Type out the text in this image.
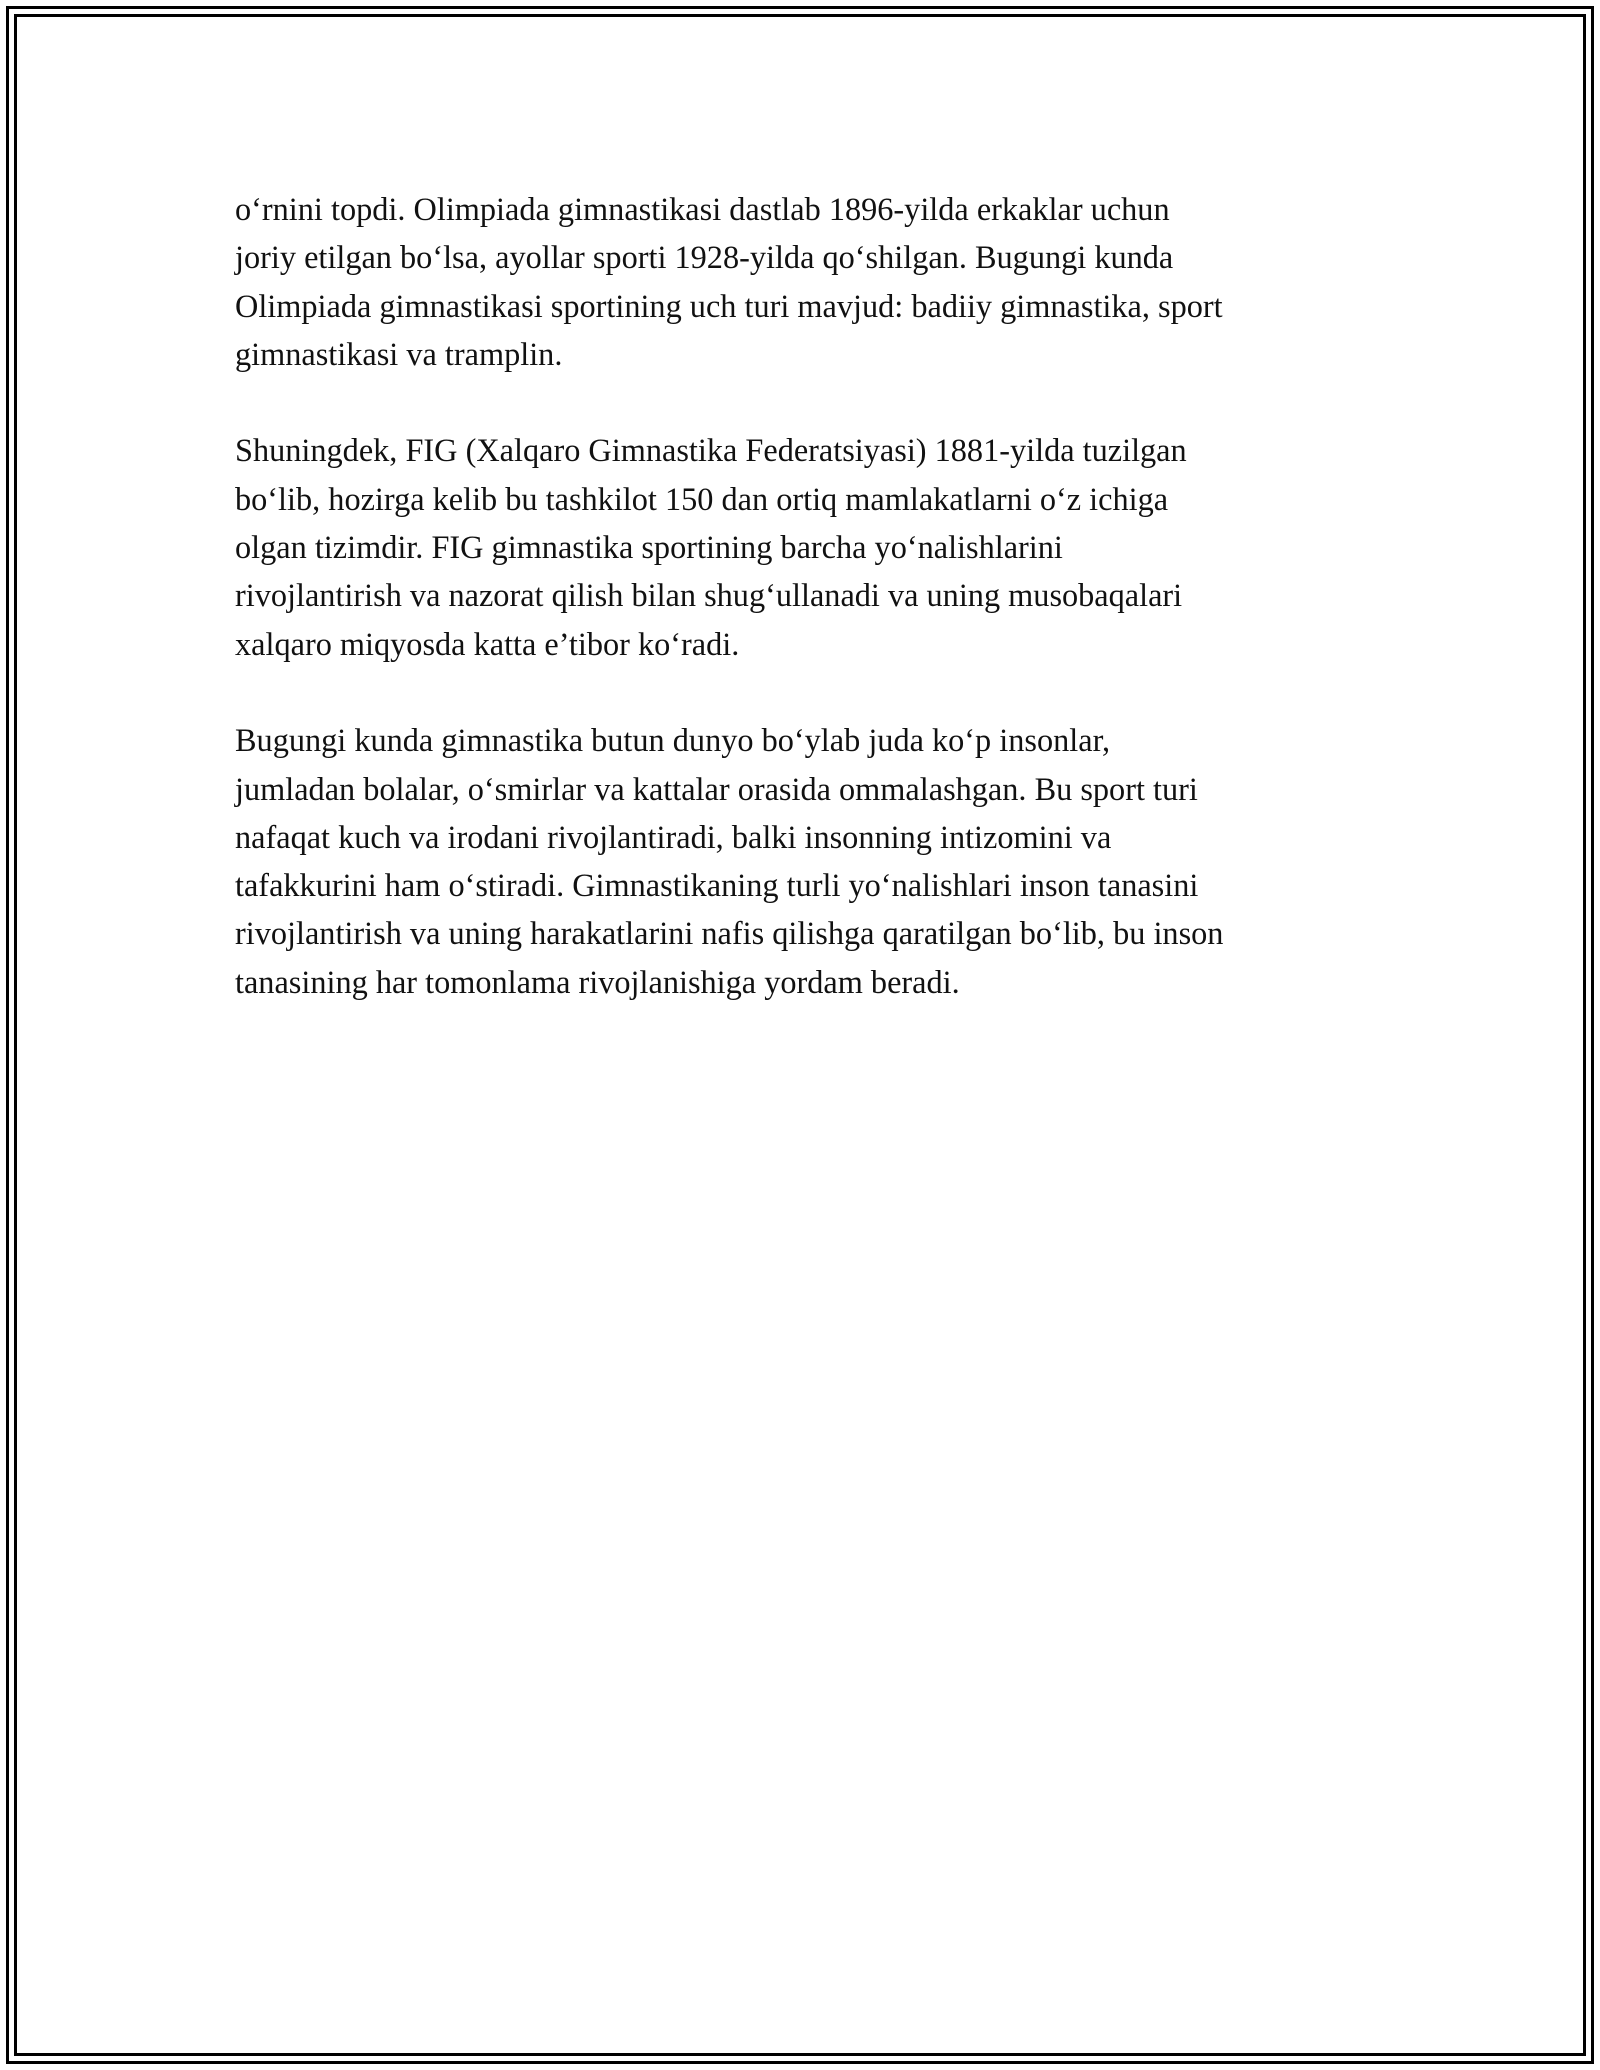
o‘rnini topdi. Olimpiada gimnastikasi dastlab 1896-yilda erkaklar uchun
joriy etilgan bo‘lsa, ayollar sporti 1928-yilda qo‘shilgan. Bugungi kunda
Olimpiada gimnastikasi sportining uch turi mavjud: badiiy gimnastika, sport
gimnastikasi va tramplin.

Shuningdek, FIG (Xalqaro Gimnastika Federatsiyasi) 1881-yilda tuzilgan
bo‘lib, hozirga kelib bu tashkilot 150 dan ortiq mamlakatlarni o‘z ichiga
olgan tizimdir. FIG gimnastika sportining barcha yo‘nalishlarini
rivojlantirish va nazorat qilish bilan shug‘ullanadi va uning musobaqalari
xalqaro miqyosda katta e’tibor ko‘radi.

Bugungi kunda gimnastika butun dunyo bo‘ylab juda ko‘p insonlar,
jumladan bolalar, o‘smirlar va kattalar orasida ommalashgan. Bu sport turi
nafaqat kuch va irodani rivojlantiradi, balki insonning intizomini va
tafakkurini ham o‘stiradi. Gimnastikaning turli yo‘nalishlari inson tanasini
rivojlantirish va uning harakatlarini nafis qilishga qaratilgan bo‘lib, bu inson
tanasining har tomonlama rivojlanishiga yordam beradi.
